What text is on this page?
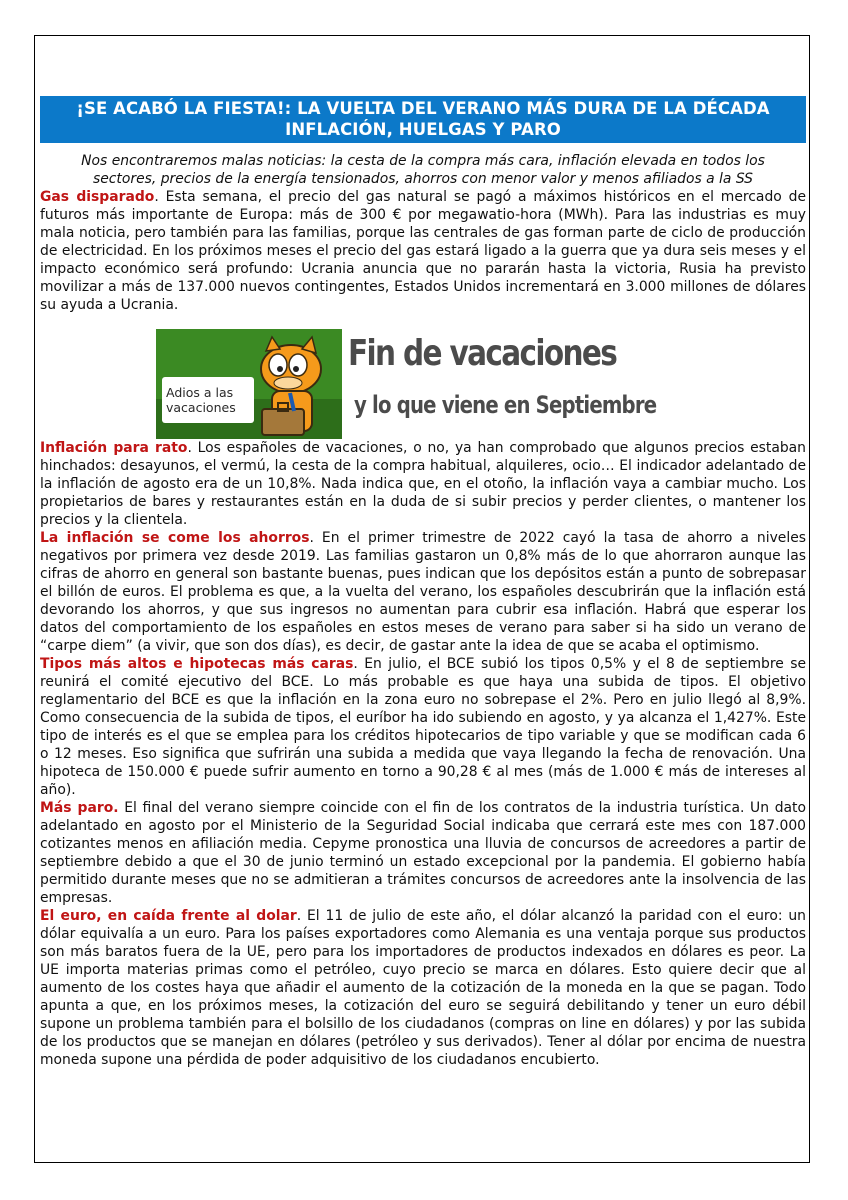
¡SE ACABÓ LA FIESTA!: LA VUELTA DEL VERANO MÁS DURA DE LA DÉCADA
INFLACIÓN, HUELGAS Y PARO
Nos encontraremos malas noticias: la cesta de la compra más cara, inflación elevada en todos los sectores, precios de la energía tensionados, ahorros con menor valor y menos afiliados a la SS

Gas disparado. Esta semana, el precio del gas natural se pagó a máximos históricos en el mercado de futuros más importante de Europa: más de 300 € por megawatio-hora (MWh). Para las industrias es muy mala noticia, pero también para las familias, porque las centrales de gas forman parte de ciclo de producción de electricidad. En los próximos meses el precio del gas estará ligado a la guerra que ya dura seis meses y el impacto económico será profundo: Ucrania anuncia que no pararán hasta la victoria, Rusia ha previsto movilizar a más de 137.000 nuevos contingentes, Estados Unidos incrementará en 3.000 millones de dólares su ayuda a Ucrania.

Adios a las
vacaciones
Fin de vacaciones
y lo que viene en Septiembre

Inflación para rato. Los españoles de vacaciones, o no, ya han comprobado que algunos precios estaban hinchados: desayunos, el vermú, la cesta de la compra habitual, alquileres, ocio… El indicador adelantado de la inflación de agosto era de un 10,8%. Nada indica que, en el otoño, la inflación vaya a cambiar mucho. Los propietarios de bares y restaurantes están en la duda de si subir precios y perder clientes, o mantener los precios y la clientela.

La inflación se come los ahorros. En el primer trimestre de 2022 cayó la tasa de ahorro a niveles negativos por primera vez desde 2019. Las familias gastaron un 0,8% más de lo que ahorraron aunque las cifras de ahorro en general son bastante buenas, pues indican que los depósitos están a punto de sobrepasar el billón de euros. El problema es que, a la vuelta del verano, los españoles descubrirán que la inflación está devorando los ahorros, y que sus ingresos no aumentan para cubrir esa inflación. Habrá que esperar los datos del comportamiento de los españoles en estos meses de verano para saber si ha sido un verano de “carpe diem” (a vivir, que son dos días), es decir, de gastar ante la idea de que se acaba el optimismo.

Tipos más altos e hipotecas más caras. En julio, el BCE subió los tipos 0,5% y el 8 de septiembre se reunirá el comité ejecutivo del BCE. Lo más probable es que haya una subida de tipos. El objetivo reglamentario del BCE es que la inflación en la zona euro no sobrepase el 2%. Pero en julio llegó al 8,9%. Como consecuencia de la subida de tipos, el euríbor ha ido subiendo en agosto, y ya alcanza el 1,427%. Este tipo de interés es el que se emplea para los créditos hipotecarios de tipo variable y que se modifican cada 6 o 12 meses. Eso significa que sufrirán una subida a medida que vaya llegando la fecha de renovación. Una hipoteca de 150.000 € puede sufrir aumento en torno a 90,28 € al mes (más de 1.000 € más de intereses al año).

Más paro. El final del verano siempre coincide con el fin de los contratos de la industria turística. Un dato adelantado en agosto por el Ministerio de la Seguridad Social indicaba que cerrará este mes con 187.000 cotizantes menos en afiliación media. Cepyme pronostica una lluvia de concursos de acreedores a partir de septiembre debido a que el 30 de junio terminó un estado excepcional por la pandemia. El gobierno había permitido durante meses que no se admitieran a trámites concursos de acreedores ante la insolvencia de las empresas.

El euro, en caída frente al dolar. El 11 de julio de este año, el dólar alcanzó la paridad con el euro: un dólar equivalía a un euro. Para los países exportadores como Alemania es una ventaja porque sus productos son más baratos fuera de la UE, pero para los importadores de productos indexados en dólares es peor. La UE importa materias primas como el petróleo, cuyo precio se marca en dólares. Esto quiere decir que al aumento de los costes haya que añadir el aumento de la cotización de la moneda en la que se pagan. Todo apunta a que, en los próximos meses, la cotización del euro se seguirá debilitando y tener un euro débil supone un problema también para el bolsillo de los ciudadanos (compras on line en dólares) y por las subida de los productos que se manejan en dólares (petróleo y sus derivados). Tener al dólar por encima de nuestra moneda supone una pérdida de poder adquisitivo de los ciudadanos encubierto.
